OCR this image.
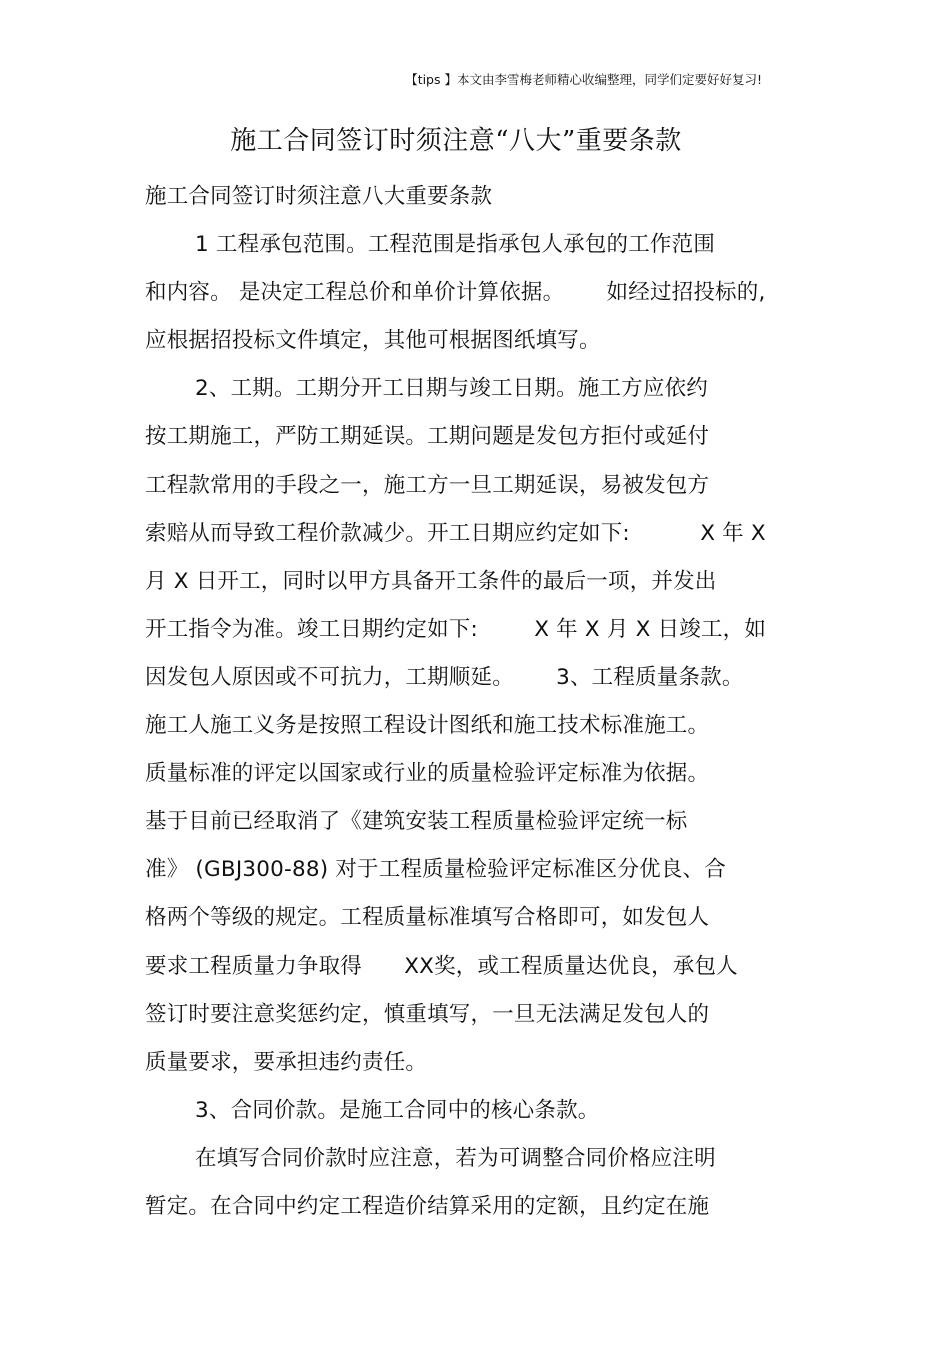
【tips 】本文由李雪梅老师精心收编整理，同学们定要好好复习!
施工合同签订时须注意“八大”重要条款
施工合同签订时须注意八大重要条款
1 工程承包范围。工程范围是指承包人承包的工作范围
和内容。 是决定工程总价和单价计算依据。      如经过招投标的,
应根据招投标文件填定，其他可根据图纸填写。
2、工期。工期分开工日期与竣工日期。施工方应依约
按工期施工，严防工期延误。工期问题是发包方拒付或延付
工程款常用的手段之一，施工方一旦工期延误，易被发包方
索赔从而导致工程价款减少。开工日期应约定如下:          X 年 X
月 X 日开工，同时以甲方具备开工条件的最后一项，并发出
开工指令为准。竣工日期约定如下:        X 年 X 月 X 日竣工，如
因发包人原因或不可抗力，工期顺延。      3、工程质量条款。
施工人施工义务是按照工程设计图纸和施工技术标准施工。
质量标准的评定以国家或行业的质量检验评定标准为依据。
基于目前已经取消了《建筑安装工程质量检验评定统一标
准》 (GBJ300-88) 对于工程质量检验评定标准区分优良、合
格两个等级的规定。工程质量标准填写合格即可，如发包人
要求工程质量力争取得      XX奖，或工程质量达优良，承包人
签订时要注意奖惩约定，慎重填写，一旦无法满足发包人的
质量要求，要承担违约责任。
3、合同价款。是施工合同中的核心条款。
在填写合同价款时应注意，若为可调整合同价格应注明
暂定。在合同中约定工程造价结算采用的定额，且约定在施
